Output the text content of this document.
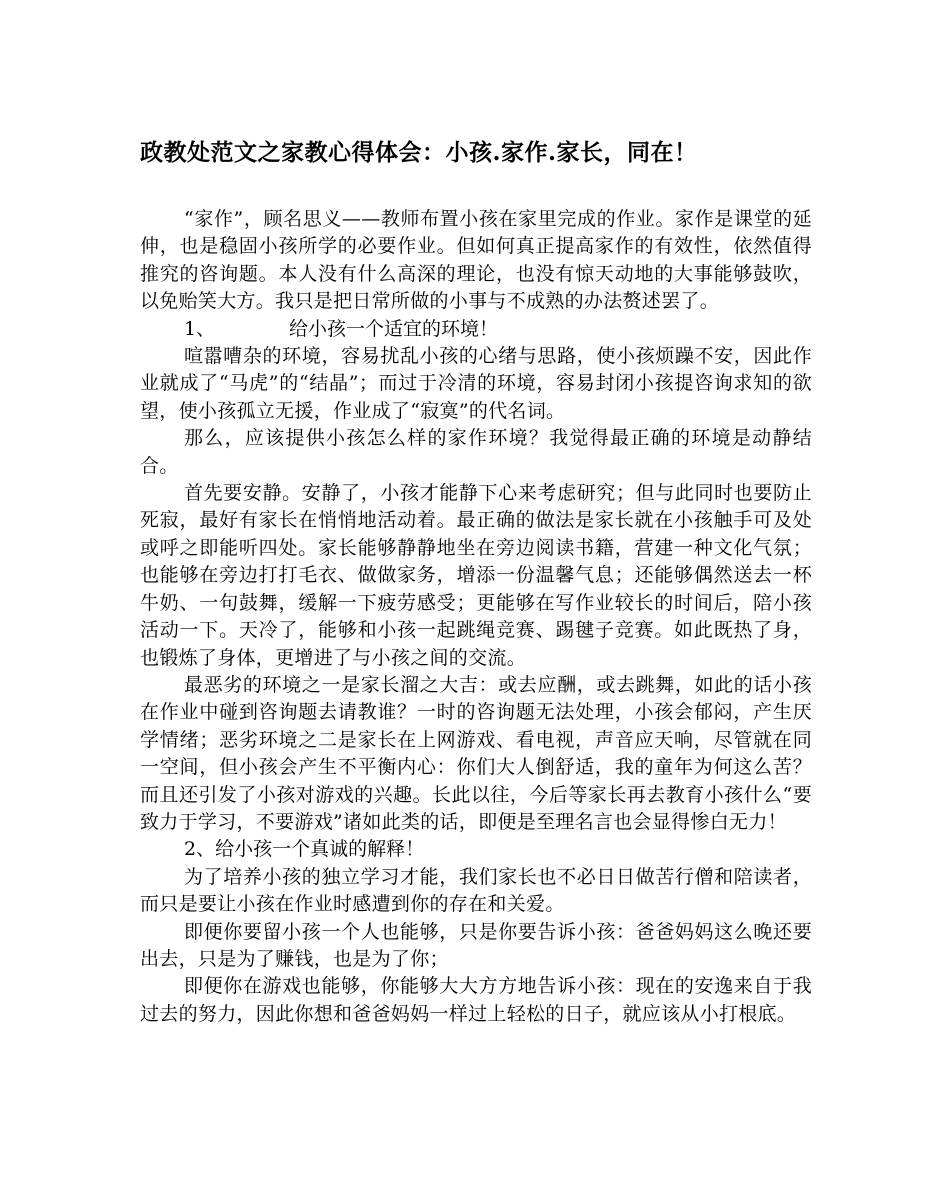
政教处范文之家教心得体会：小孩.家作.家长，同在！

“家作”，顾名思义——教师布置小孩在家里完成的作业。家作是课堂的延伸，也是稳固小孩所学的必要作业。但如何真正提高家作的有效性，依然值得推究的咨询题。本人没有什么高深的理论，也没有惊天动地的大事能够鼓吹，以免贻笑大方。我只是把日常所做的小事与不成熟的办法赘述罢了。

1、	给小孩一个适宜的环境！

喧嚣嘈杂的环境，容易扰乱小孩的心绪与思路，使小孩烦躁不安，因此作业就成了“马虎”的“结晶”；而过于冷清的环境，容易封闭小孩提咨询求知的欲望，使小孩孤立无援，作业成了“寂寞”的代名词。

那么，应该提供小孩怎么样的家作环境？我觉得最正确的环境是动静结合。

首先要安静。安静了，小孩才能静下心来考虑研究；但与此同时也要防止死寂，最好有家长在悄悄地活动着。最正确的做法是家长就在小孩触手可及处或呼之即能听四处。家长能够静静地坐在旁边阅读书籍，营建一种文化气氛；也能够在旁边打打毛衣、做做家务，增添一份温馨气息；还能够偶然送去一杯牛奶、一句鼓舞，缓解一下疲劳感受；更能够在写作业较长的时间后，陪小孩活动一下。天冷了，能够和小孩一起跳绳竞赛、踢毽子竞赛。如此既热了身，也锻炼了身体，更增进了与小孩之间的交流。

最恶劣的环境之一是家长溜之大吉：或去应酬，或去跳舞，如此的话小孩在作业中碰到咨询题去请教谁？一时的咨询题无法处理，小孩会郁闷，产生厌学情绪；恶劣环境之二是家长在上网游戏、看电视，声音应天响，尽管就在同一空间，但小孩会产生不平衡内心：你们大人倒舒适，我的童年为何这么苦？而且还引发了小孩对游戏的兴趣。长此以往，今后等家长再去教育小孩什么“要致力于学习，不要游戏”诸如此类的话，即便是至理名言也会显得惨白无力！

2、给小孩一个真诚的解释！

为了培养小孩的独立学习才能，我们家长也不必日日做苦行僧和陪读者，而只是要让小孩在作业时感遭到你的存在和关爱。

即便你要留小孩一个人也能够，只是你要告诉小孩：爸爸妈妈这么晚还要出去，只是为了赚钱，也是为了你；

即便你在游戏也能够，你能够大大方方地告诉小孩：现在的安逸来自于我过去的努力，因此你想和爸爸妈妈一样过上轻松的日子，就应该从小打根底。
